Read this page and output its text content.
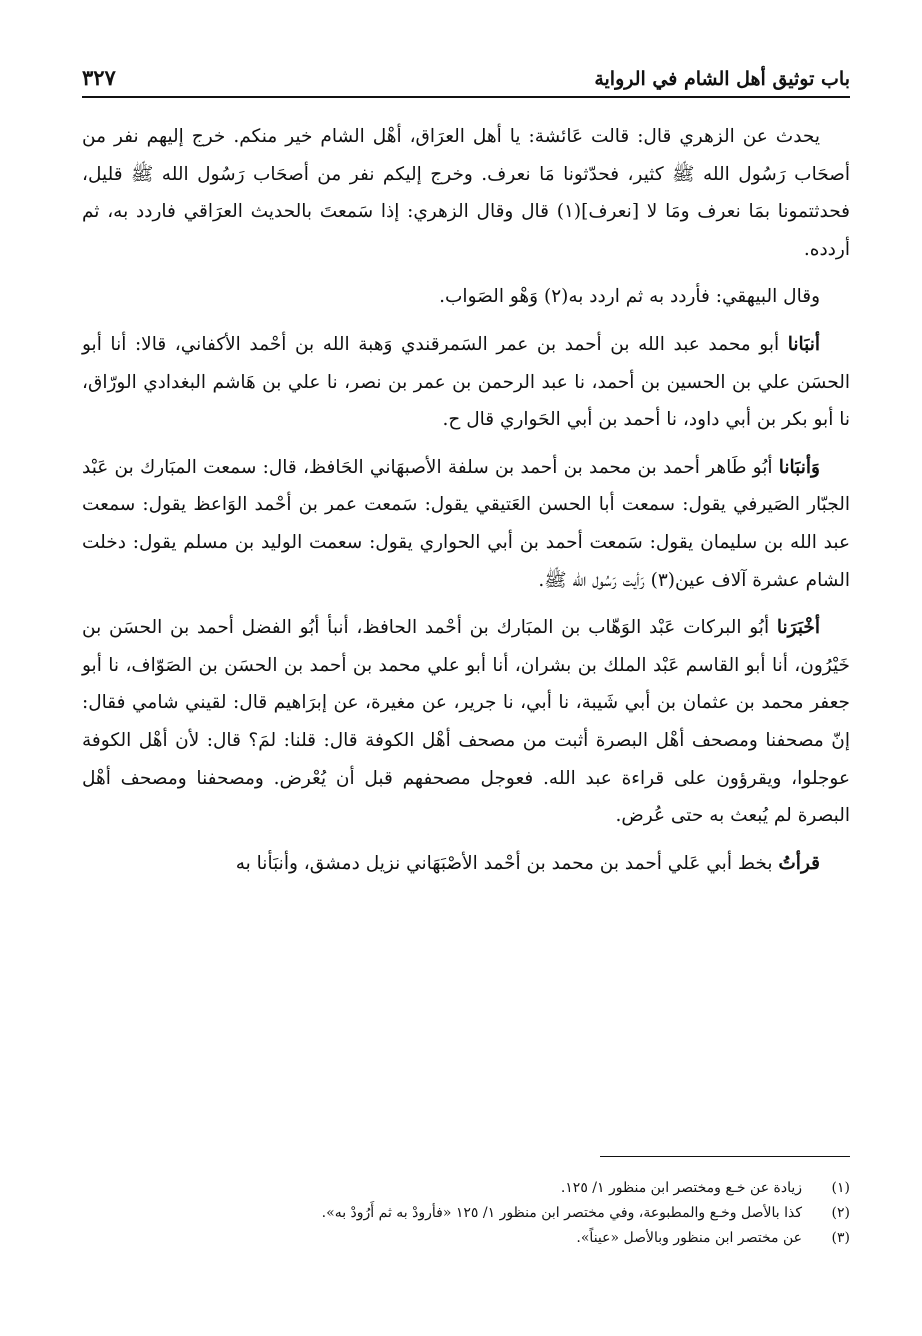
باب توثيق أهل الشام في الرواية
٣٢٧

يحدث عن الزهري قال: قالت عَائشة: يا أهل العرَاق، أهْل الشام خير منكم. خرج إليهم نفر من أصحَاب رَسُول الله ﷺ كثير، فحدّثونا مَا نعرف. وخرج إليكم نفر من أصحَاب رَسُول الله ﷺ قليل، فحدثتمونا بمَا نعرف ومَا لا [نعرف](١) قال وقال الزهري: إذا سَمعتَ بالحديث العرَاقي فاردد به، ثم أردده.

وقال البيهقي: فأردد به ثم اردد به(٢) وَهْو الصَواب.

أنبَانا أبو محمد عبد الله بن أحمد بن عمر السَمرقندي وَهبة الله بن أحْمد الأكفاني، قالا: أنا أبو الحسَن علي بن الحسين بن أحمد، نا عبد الرحمن بن عمر بن نصر، نا علي بن هَاشم البغدادي الورّاق، نا أبو بكر بن أبي داود، نا أحمد بن أبي الحَواري قال ح.

وَأنبَانا أبُو طَاهر أحمد بن محمد بن أحمد بن سلفة الأصبهَاني الحَافظ، قال: سمعت المبَارك بن عَبْد الجبّار الصَيرفي يقول: سمعت أبا الحسن العَتيقي يقول: سَمعت عمر بن أحْمد الوَاعظ يقول: سمعت عبد الله بن سليمان يقول: سَمعت أحمد بن أبي الحواري يقول: سعمت الوليد بن مسلم يقول: دخلت الشام عشرة آلاف عين(٣) رَأيت رَسُول الله ﷺ.

أخْبَرَنا أبُو البركات عَبْد الوَهّاب بن المبَارك بن أحْمد الحافظ، أنبأ أبُو الفضل أحمد بن الحسَن بن خَيْرُون، أنا أبو القاسم عَبْد الملك بن بشران، أنا أبو علي محمد بن أحمد بن الحسَن بن الصَوّاف، نا أبو جعفر محمد بن عثمان بن أبي شَيبة، نا أبي، نا جرير، عن مغيرة، عن إبرَاهيم قال: لقيني شامي فقال: إنّ مصحفنا ومصحف أهْل البصرة أثبت من مصحف أهْل الكوفة قال: قلنا: لمَ؟ قال: لأن أهْل الكوفة عوجلوا، ويقرؤون على قراءة عبد الله. فعوجل مصحفهم قبل أن يُعْرض. ومصحفنا ومصحف أهْل البصرة لم يُبعث به حتى عُرض.

قرأتُ بخط أبي عَلي أحمد بن محمد بن أحْمد الأصْبَهَاني نزيل دمشق، وأنبَأنا به

(١)
زيادة عن خـع ومختصر ابن منظور ١/ ١٢٥.
(٢)
كذا بالأصل وخـع والمطبوعة، وفي مختصر ابن منظور ١/ ١٢٥ «فأرودْ به ثم أَرُودْ به».
(٣)
عن مختصر ابن منظور وبالأصل «عيناً».
